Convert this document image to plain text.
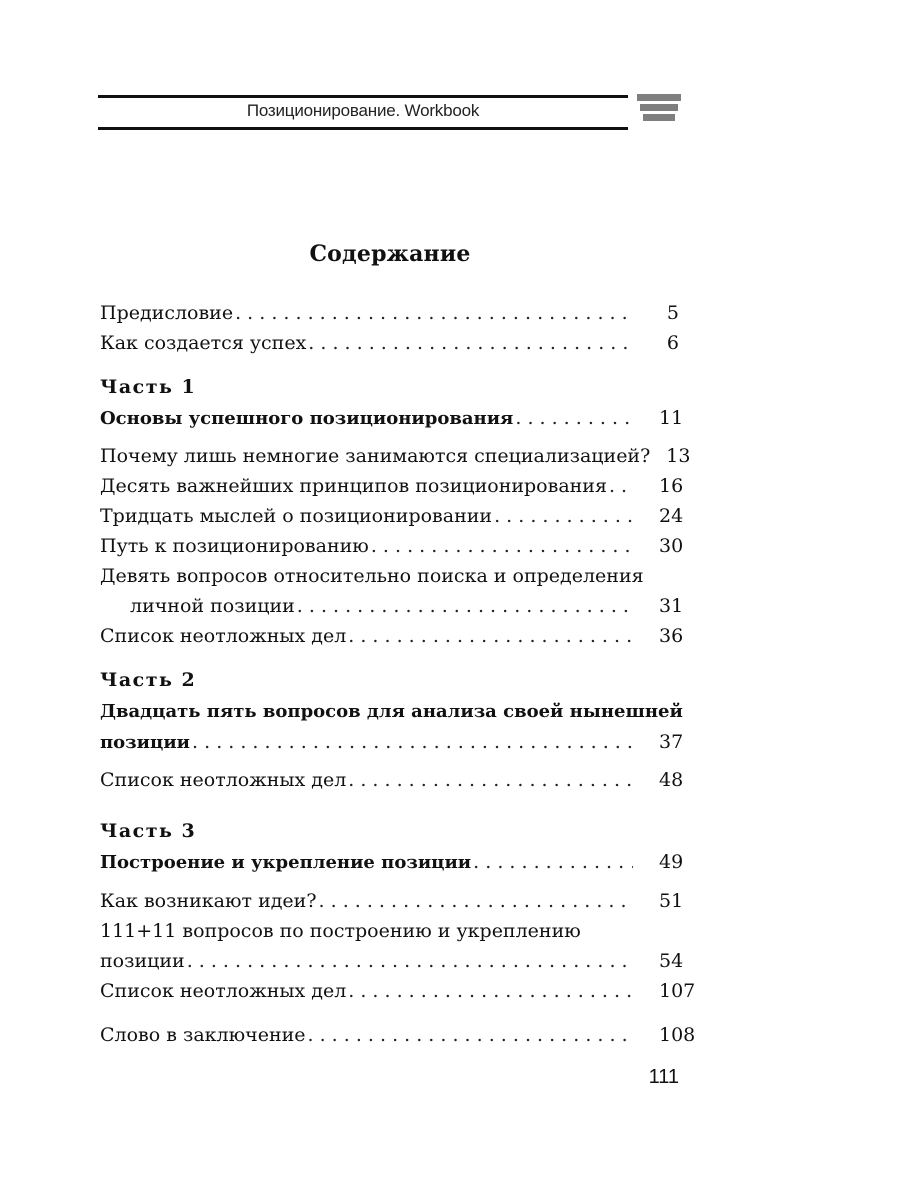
Позиционирование. Workbook
Содержание
Предисловие . . .	5
Как создается успех . . .	6
Часть 1
Основы успешного позиционирования . . .	11
Почему лишь немногие занимаются специализацией? 13
Десять важнейших принципов позиционирования . . .	16
Тридцать мыслей о позиционировании . . .	24
Путь к позиционированию . . .	30
Девять вопросов относительно поиска и определения
личной позиции . . .	31
Список неотложных дел . . .	36
Часть 2
Двадцать пять вопросов для анализа своей нынешней
позиции . . .	37
Список неотложных дел . . .	48
Часть 3
Построение и укрепление позиции . . .	49
Как возникают идеи? . . .	51
111+11 вопросов по построению и укреплению
позиции . . .	54
Список неотложных дел . . .	107
Слово в заключение . . .	108
111
